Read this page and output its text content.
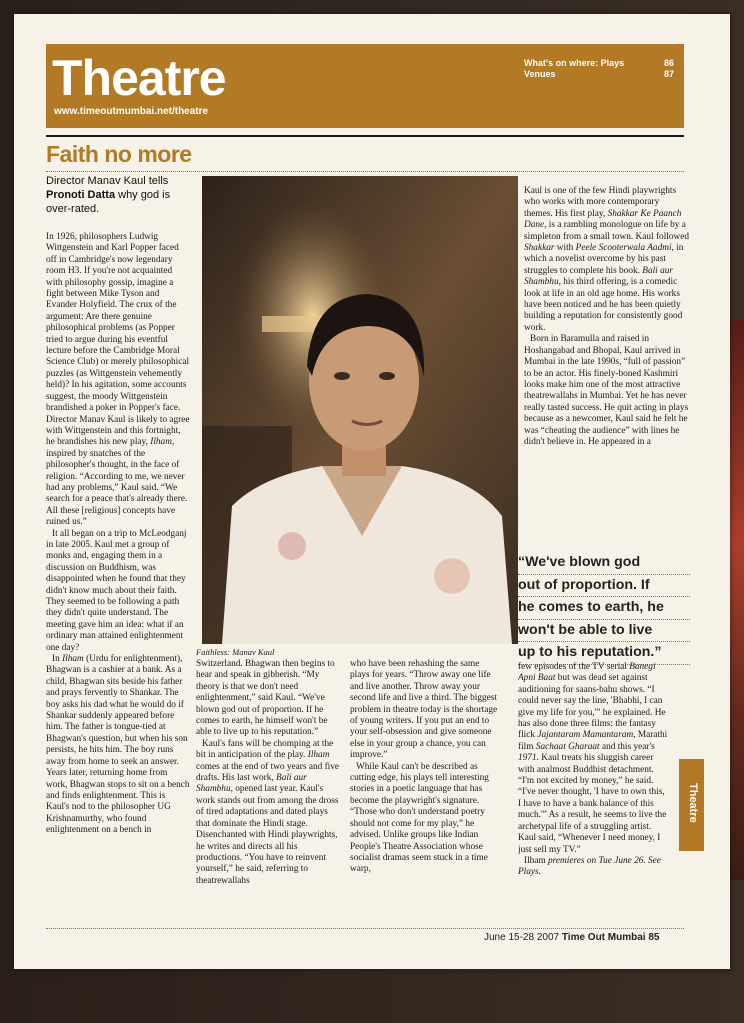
Theatre
www.timeoutmumbai.net/theatre
What's on where: Plays	86
Venues	87
Faith no more
Director Manav Kaul tells Pronoti Datta why god is over-rated.

In 1926, philosophers Ludwig Wittgenstein and Karl Popper faced off in Cambridge's now legendary room H3. If you're not acquainted with philosophy gossip, imagine a fight between Mike Tyson and Evander Holyfield. The crux of the argument: Are there genuine philosophical problems (as Popper tried to argue during his eventful lecture before the Cambridge Moral Science Club) or merely philosophical puzzles (as Wittgenstein vehemently held)? In his agitation, some accounts suggest, the moody Wittgenstein brandished a poker in Popper's face. Director Manav Kaul is likely to agree with Wittgenstein and this fortnight, he brandishes his new play, Ilham, inspired by snatches of the philosopher's thought, in the face of religion. “According to me, we never had any problems,” Kaul said. “We search for a peace that's already there. All these [religious] concepts have ruined us.”

It all began on a trip to McLeodganj in late 2005. Kaul met a group of monks and, engaging them in a discussion on Buddhism, was disappointed when he found that they didn't know much about their faith. They seemed to be following a path they didn't quite understand. The meeting gave him an idea: what if an ordinary man attained enlightenment one day?

In Ilham (Urdu for enlightenment), Bhagwan is a cashier at a bank. As a child, Bhagwan sits beside his father and prays fervently to Shankar. The boy asks his dad what he would do if Shankar suddenly appeared before him. The father is tongue-tied at Bhagwan's question, but when his son persists, he hits him. The boy runs away from home to seek an answer. Years later, returning home from work, Bhagwan stops to sit on a bench and finds enlightenment. This is Kaul's nod to the philosopher UG Krishnamurthy, who found enlightenment on a bench in

Faithless: Manav Kaul

Switzerland. Bhagwan then begins to hear and speak in gibberish. “My theory is that we don't need enlightenment,” said Kaul. “We've blown god out of proportion. If he comes to earth, he himself won't be able to live up to his reputation.”

Kaul's fans will be chomping at the bit in anticipation of the play. Ilham comes at the end of two years and five drafts. His last work, Bali aur Shambhu, opened last year. Kaul's work stands out from among the dross of tired adaptations and dated plays that dominate the Hindi stage. Disenchanted with Hindi playwrights, he writes and directs all his productions. “You have to reinvent yourself,” he said, referring to theatrewallahs

who have been rehashing the same plays for years. “Throw away one life and live another. Throw away your second life and live a third. The biggest problem in theatre today is the shortage of young writers. If you put an end to your self-obsession and give someone else in your group a chance, you can improve.”

While Kaul can't be described as cutting edge, his plays tell interesting stories in a poetic language that has become the playwright's signature. “Those who don't understand poetry should not come for my play,” he advised. Unlike groups like Indian People's Theatre Association whose socialist dramas seem stuck in a time warp,

Kaul is one of the few Hindi playwrights who works with more contemporary themes. His first play, Shakkar Ke Paanch Dane, is a rambling monologue on life by a simpleton from a small town. Kaul followed Shakkar with Peele Scooterwala Aadmi, in which a novelist overcome by his past struggles to complete his book. Bali aur Shambhu, his third offering, is a comedic look at life in an old age home. His works have been noticed and he has been quietly building a reputation for consistently good work.

Born in Baramulla and raised in Hoshangabad and Bhopal, Kaul arrived in Mumbai in the late 1990s, “full of passion” to be an actor. His finely-boned Kashmiri looks make him one of the most attractive theatrewallahs in Mumbai. Yet he has never really tasted success. He quit acting in plays because as a newcomer, Kaul said he felt he was “cheating the audience” with lines he didn't believe in. He appeared in a

“We've blown god
out of proportion. If
he comes to earth, he
won't be able to live
up to his reputation.”

few episodes of the TV serial Banegi Apni Baat but was dead set against auditioning for saans-bahu shows. “I could never say the line, 'Bhabhi, I can give my life for you,'” he explained. He has also done three films: the fantasy flick Jajantaram Mamantaram, Marathi film Sachaat Gharaat and this year's 1971. Kaul treats his sluggish career with analmost Buddhist detachment. “I'm not excited by money,” he said. “I've never thought, 'I have to own this, I have to have a bank balance of this much.'” As a result, he seems to live the archetypal life of a struggling artist. Kaul said, “Whenever I need money, I just sell my TV.”

Ilham premieres on Tue June 26. See Plays.

Theatre
June 15-28 2007 Time Out Mumbai 85
